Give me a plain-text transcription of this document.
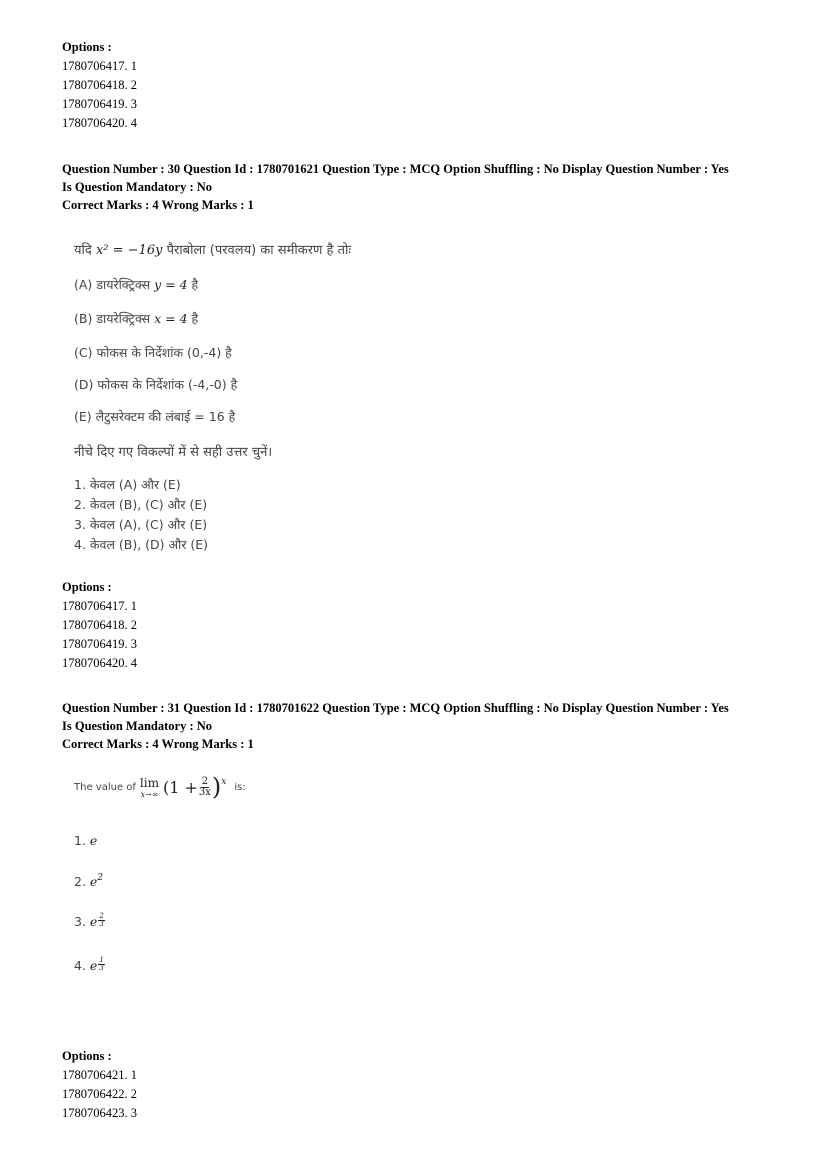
Options :
1780706417. 1
1780706418. 2
1780706419. 3
1780706420. 4
Question Number : 30 Question Id : 1780701621 Question Type : MCQ Option Shuffling : No Display Question Number : Yes
Is Question Mandatory : No
Correct Marks : 4 Wrong Marks : 1
यदि x² = −16y पैराबोला (परवलय) का समीकरण है तोः
(A) डायरेक्ट्रिक्स y = 4 है
(B) डायरेक्ट्रिक्स x = 4 है
(C) फोकस के निर्देशांक (0,-4) है
(D) फोकस के निर्देशांक (-4,-0) है
(E) लैटुसरेक्टम की लंबाई = 16 है
नीचे दिए गए विकल्पों में से सही उत्तर चुनें।
1. केवल (A) और (E)
2. केवल (B), (C) और (E)
3. केवल (A), (C) और (E)
4. केवल (B), (D) और (E)
Options :
1780706417. 1
1780706418. 2
1780706419. 3
1780706420. 4
Question Number : 31 Question Id : 1780701622 Question Type : MCQ Option Shuffling : No Display Question Number : Yes
Is Question Mandatory : No
Correct Marks : 4 Wrong Marks : 1
The value of lim
x→∞ ($1 + \frac{2}{3x}$ ) x is:
1. e
2. $e^2$
3. e $\frac{2}{3}$
4. e $\frac{1}{3}$
Options :
1780706421. 1
1780706422. 2
1780706423. 3
